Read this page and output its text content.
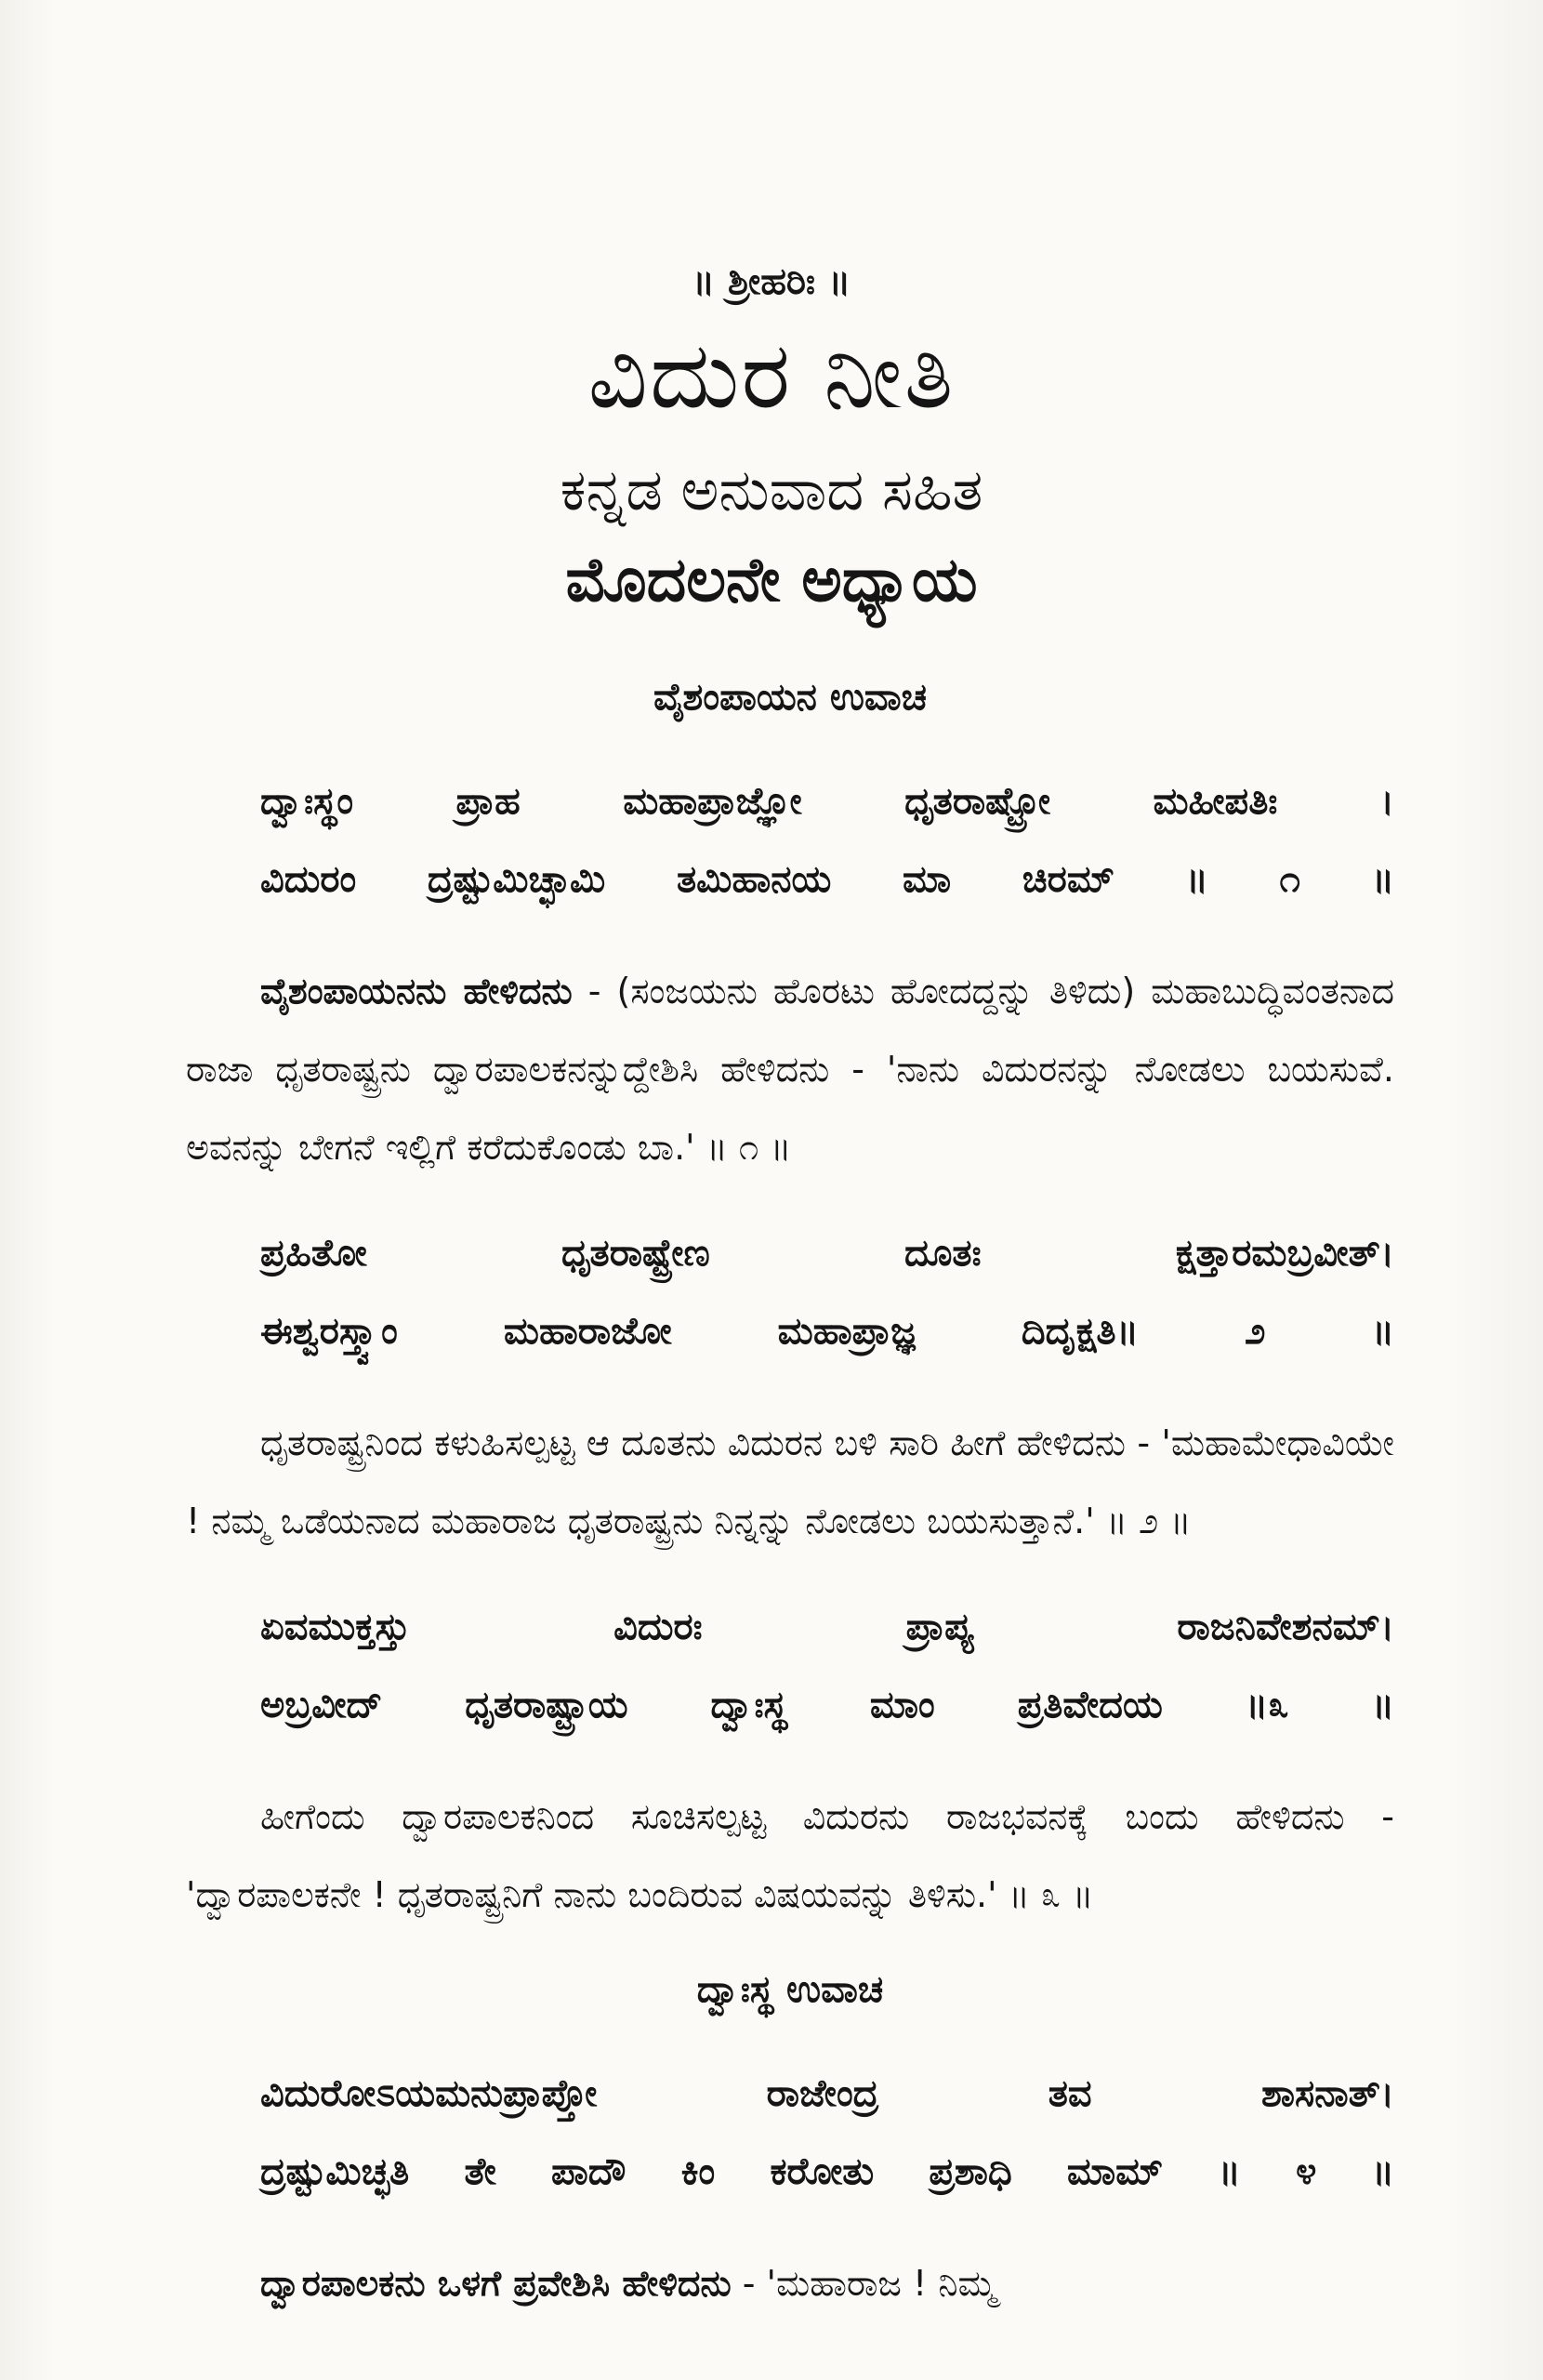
॥ ಶ್ರೀಹರಿಃ ॥
ವಿದುರ ನೀತಿ
ಕನ್ನಡ ಅನುವಾದ ಸಹಿತ
ಮೊದಲನೇ ಅಧ್ಯಾಯ
ವೈಶಂಪಾಯನ ಉವಾಚ
ದ್ವಾಃಸ್ಥಂ ಪ್ರಾಹ ಮಹಾಪ್ರಾಜ್ಞೋ ಧೃತರಾಷ್ಟ್ರೋ ಮಹೀಪತಿಃ ।
ವಿದುರಂ ದ್ರಷ್ಟುಮಿಚ್ಛಾಮಿ ತಮಿಹಾನಯ ಮಾ ಚಿರಮ್ ॥ ೧ ॥
ವೈಶಂಪಾಯನನು ಹೇಳಿದನು - (ಸಂಜಯನು ಹೊರಟು ಹೋದದ್ದನ್ನು ತಿಳಿದು) ಮಹಾಬುದ್ಧಿವಂತನಾದ ರಾಜಾ ಧೃತರಾಷ್ಟ್ರನು ದ್ವಾರಪಾಲಕನನ್ನುದ್ದೇಶಿಸಿ ಹೇಳಿದನು - 'ನಾನು ವಿದುರನನ್ನು ನೋಡಲು ಬಯಸುವೆ. ಅವನನ್ನು ಬೇಗನೆ ಇಲ್ಲಿಗೆ ಕರೆದುಕೊಂಡು ಬಾ.' ॥ ೧ ॥
ಪ್ರಹಿತೋ ಧೃತರಾಷ್ಟ್ರೇಣ ದೂತಃ ಕ್ಷತ್ತಾರಮಬ್ರವೀತ್।
ಈಶ್ವರಸ್ತ್ವಾಂ ಮಹಾರಾಜೋ ಮಹಾಪ್ರಾಜ್ಞ ದಿದೃಕ್ಷತಿ॥ ೨ ॥
ಧೃತರಾಷ್ಟ್ರನಿಂದ ಕಳುಹಿಸಲ್ಪಟ್ಟ ಆ ದೂತನು ವಿದುರನ ಬಳಿ ಸಾರಿ ಹೀಗೆ ಹೇಳಿದನು - 'ಮಹಾಮೇಧಾವಿಯೇ ! ನಮ್ಮ ಒಡೆಯನಾದ ಮಹಾರಾಜ ಧೃತರಾಷ್ಟ್ರನು ನಿನ್ನನ್ನು ನೋಡಲು ಬಯಸುತ್ತಾನೆ.' ॥ ೨ ॥
ಏವಮುಕ್ತಸ್ತು ವಿದುರಃ ಪ್ರಾಪ್ಯ ರಾಜನಿವೇಶನಮ್।
ಅಬ್ರವೀದ್ ಧೃತರಾಷ್ಟ್ರಾಯ ದ್ವಾಃಸ್ಥ ಮಾಂ ಪ್ರತಿವೇದಯ ॥೩ ॥
ಹೀಗೆಂದು ದ್ವಾರಪಾಲಕನಿಂದ ಸೂಚಿಸಲ್ಪಟ್ಟ ವಿದುರನು ರಾಜಭವನಕ್ಕೆ ಬಂದು ಹೇಳಿದನು - 'ದ್ವಾರಪಾಲಕನೇ ! ಧೃತರಾಷ್ಟ್ರನಿಗೆ ನಾನು ಬಂದಿರುವ ವಿಷಯವನ್ನು ತಿಳಿಸು.' ॥ ೩ ॥
ದ್ವಾಃಸ್ಥ ಉವಾಚ
ವಿದುರೋಽಯಮನುಪ್ರಾಪ್ತೋ ರಾಜೇಂದ್ರ ತವ ಶಾಸನಾತ್।
ದ್ರಷ್ಟುಮಿಚ್ಛತಿ ತೇ ಪಾದೌ ಕಿಂ ಕರೋತು ಪ್ರಶಾಧಿ ಮಾಮ್ ॥ ೪ ॥
ದ್ವಾರಪಾಲಕನು ಒಳಗೆ ಪ್ರವೇಶಿಸಿ ಹೇಳಿದನು - 'ಮಹಾರಾಜ ! ನಿಮ್ಮ
